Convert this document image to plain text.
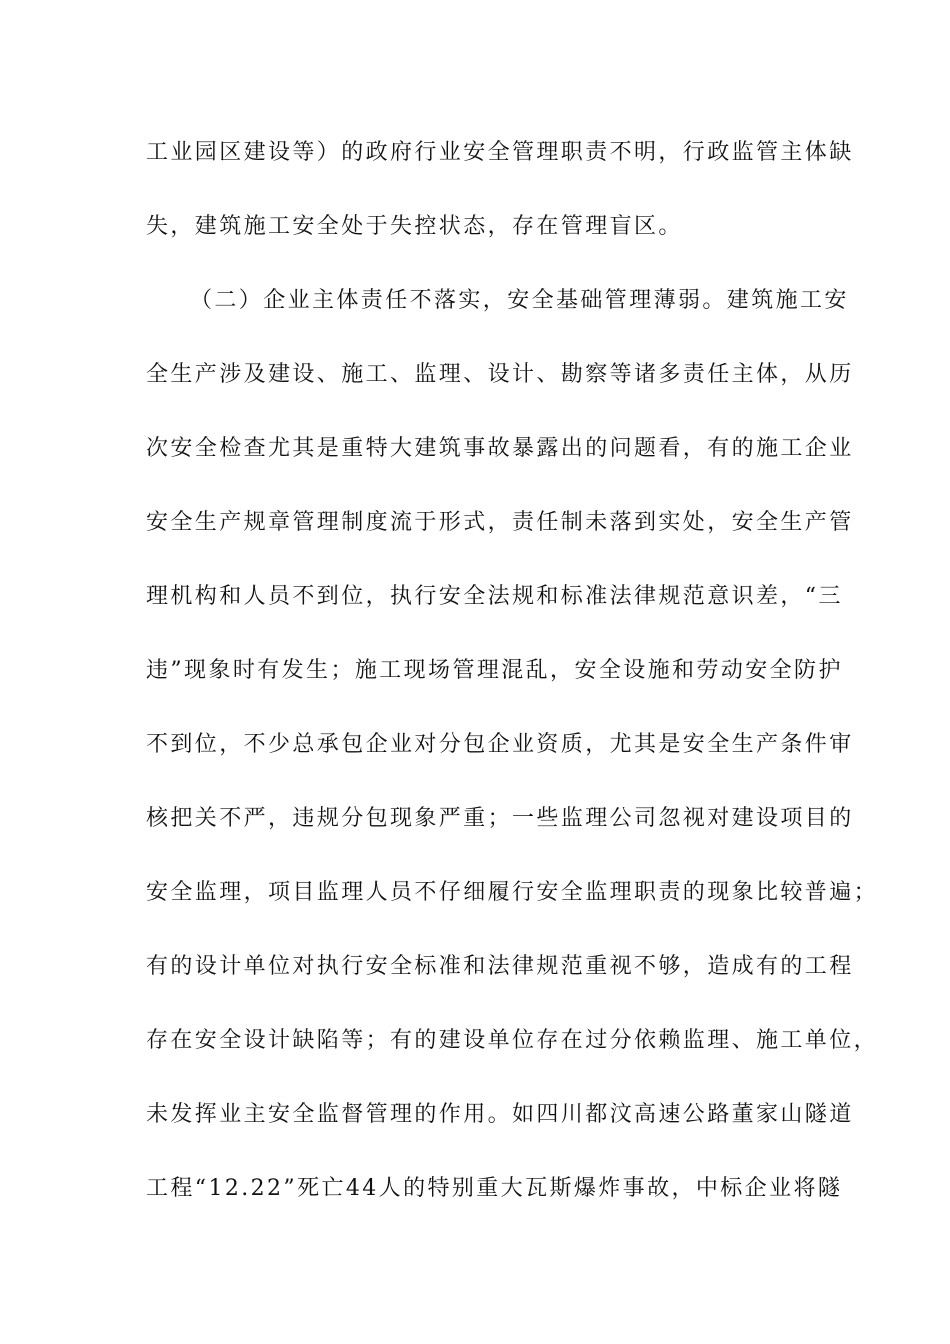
工业园区建设等）的政府行业安全管理职责不明，行政监管主体缺
失，建筑施工安全处于失控状态，存在管理盲区。
（二）企业主体责任不落实，安全基础管理薄弱。建筑施工安
全生产涉及建设、施工、监理、设计、勘察等诸多责任主体，从历
次安全检查尤其是重特大建筑事故暴露出的问题看，有的施工企业
安全生产规章管理制度流于形式，责任制未落到实处，安全生产管
理机构和人员不到位，执行安全法规和标准法律规范意识差，“三
违”现象时有发生；施工现场管理混乱，安全设施和劳动安全防护
不到位，不少总承包企业对分包企业资质，尤其是安全生产条件审
核把关不严，违规分包现象严重；一些监理公司忽视对建设项目的
安全监理，项目监理人员不仔细履行安全监理职责的现象比较普遍；
有的设计单位对执行安全标准和法律规范重视不够，造成有的工程
存在安全设计缺陷等；有的建设单位存在过分依赖监理、施工单位，
未发挥业主安全监督管理的作用。如四川都汶高速公路董家山隧道
工程“12.22”死亡44人的特别重大瓦斯爆炸事故，中标企业将隧
